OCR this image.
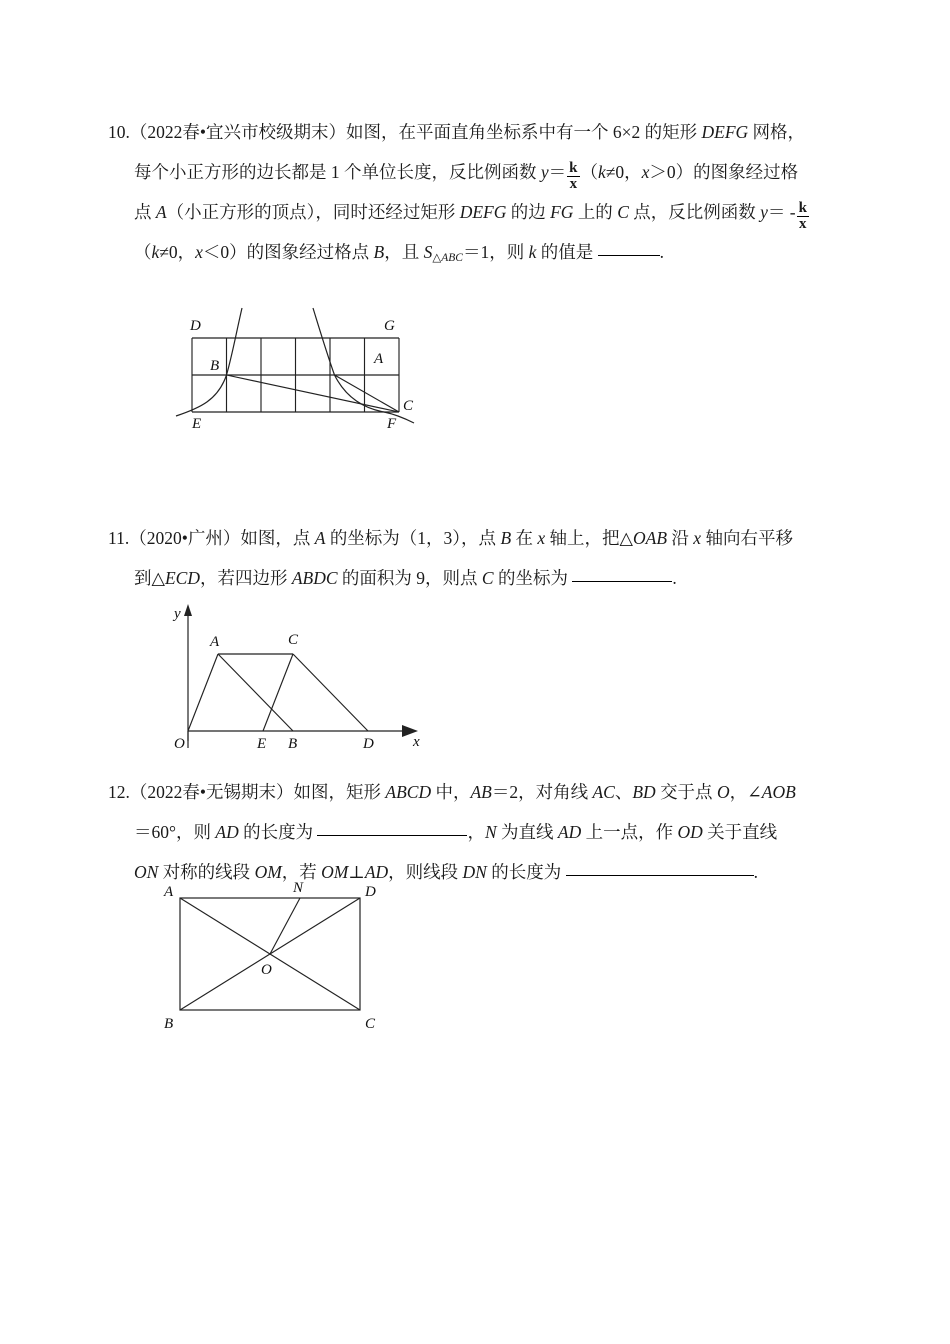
10.（2022春•宜兴市校级期末）如图，在平面直角坐标系中有一个 6×2 的矩形 DEFG 网格，
每个小正方形的边长都是 1 个单位长度，反比例函数 $y= \frac{k}{x} (k\ne 0$，x＞0）的图象经过格
点 A（小正方形的顶点），同时还经过矩形 DEFG 的边 FG 上的 C 点，反比例函数 $y= - \frac{k}{x}$
（k≠0，x＜0）的图象经过格点 B，且 $S_{\triangle ABC}=1$，则 k 的值是	.
D	G
B	A
C
E	F
11.（2020•广州）如图，点 A 的坐标为（1，3），点 B 在 x 轴上，把△OAB 沿 x 轴向右平移
到△ECD，若四边形 ABDC 的面积为 9，则点 C 的坐标为	.
y
A	C
O	E B	D	x
12.（2022春•无锡期末）如图，矩形 ABCD 中，AB＝2，对角线 AC、BD 交于点 O，∠AOB
＝60°，则 AD 的长度为	，N 为直线 AD 上一点，作 OD 关于直线
ON 对称的线段 OM，若 OM⊥AD，则线段 DN 的长度为	.
A	N	D
O
B	C
